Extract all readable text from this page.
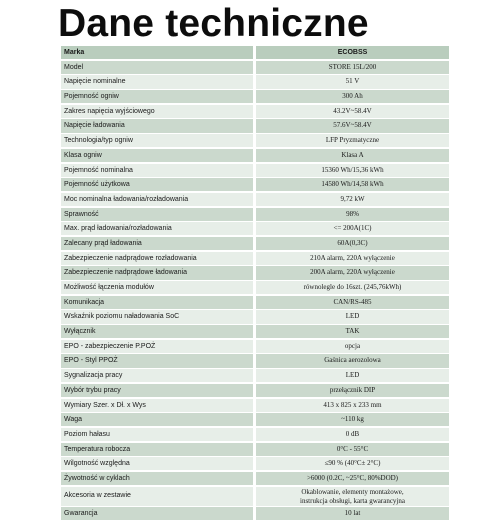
Dane techniczne
Marka	ECOBSS
Model	STORE 15L/200
Napięcie nominalne	51 V
Pojemność ogniw	300 Ah
Zakres napięcia wyjściowego	43.2V~58.4V
Napięcie ładowania	57.6V~58.4V
Technologia/typ ogniw	LFP Pryzmatyczne
Klasa ogniw	Klasa A
Pojemność nominalna	15360 Wh/15,36 kWh
Pojemność użytkowa	14580 Wh/14,58 kWh
Moc nominalna ładowania/rozładowania	9,72 kW
Sprawność	98%
Max. prąd ładowania/rozładowania	<= 200A(1C)
Zalecany prąd ładowania	60A(0,3C)
Zabezpieczenie nadprądowe rozładowania	210A alarm, 220A wyłączenie
Zabezpieczenie nadprądowe ładowania	200A alarm, 220A wyłączenie
Możliwość łączenia modułów	równolegle do 16szt. (245,76kWh)
Komunikacja	CAN/RS-485
Wskaźnik poziomu naładowania SoC	LED
Wyłącznik	TAK
EPO - zabezpieczenie P.POŻ	opcja
EPO - Styl PPOŻ	Gaśnica aerozolowa
Sygnalizacja pracy	LED
Wybór trybu pracy	przełącznik DIP
Wymiary Szer. x Dł. x Wys	413 x 825 x 233 mm
Waga	~110 kg
Poziom hałasu	0 dB
Temperatura robocza	0°C - 55°C
Wilgotność względna	≤90 % (40°C± 2°C)
Żywotność w cyklach	>6000 (0.2C, ~25°C, 80%DOD)
Akcesoria w zestawie	Okablowanie, elementy montażowe,
instrukcja obsługi, karta gwarancyjna
Gwarancja	10 lat
